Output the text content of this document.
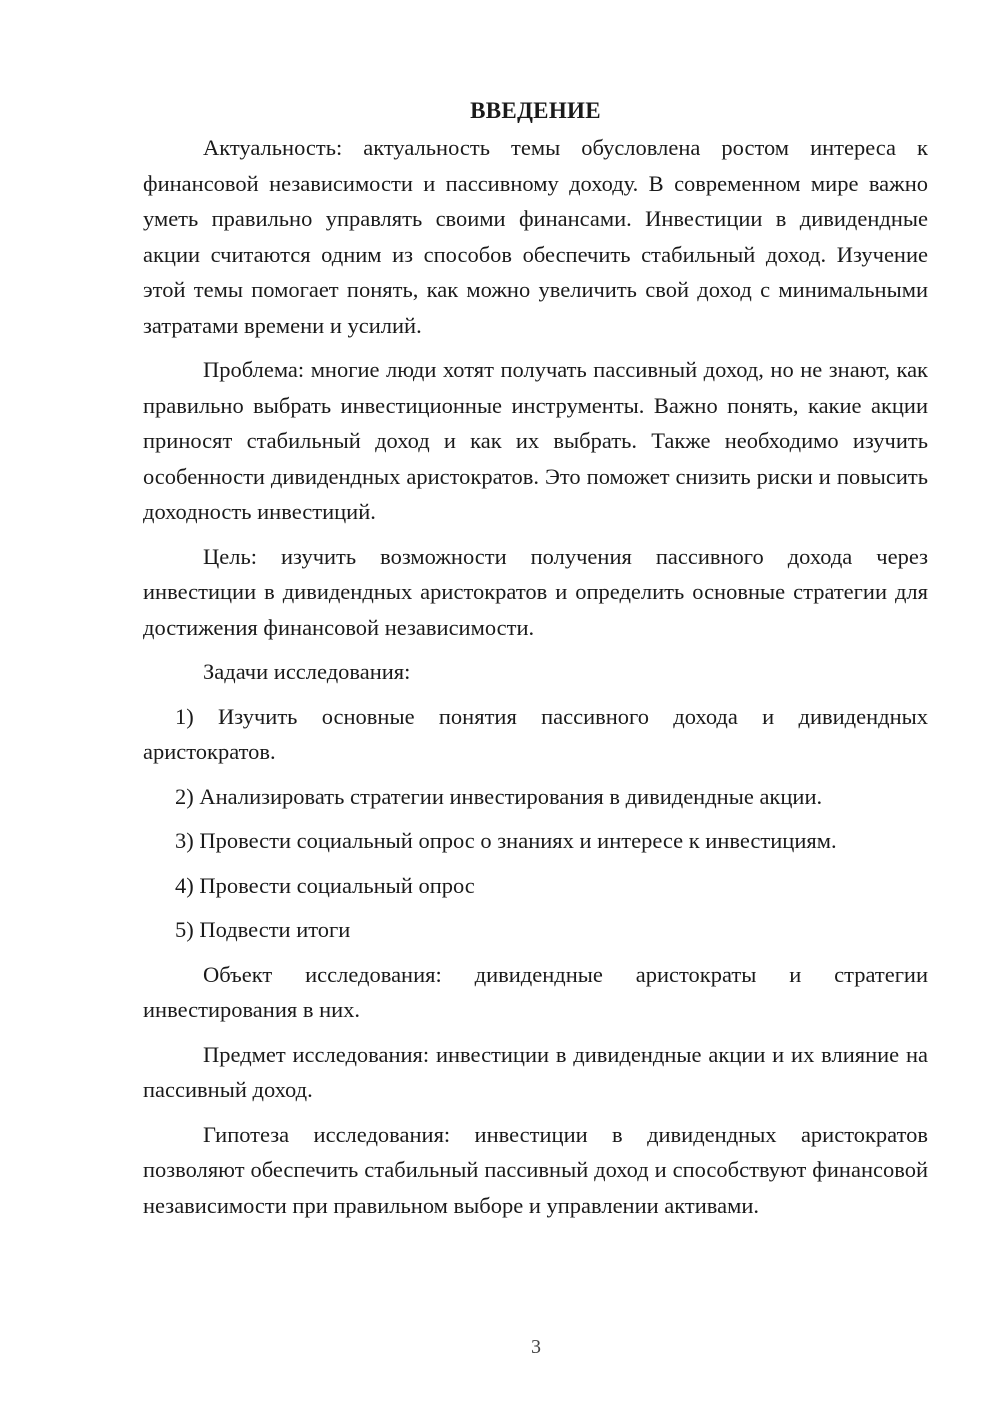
ВВЕДЕНИЕ

Актуальность: актуальность темы обусловлена ростом интереса к финансовой независимости и пассивному доходу. В современном мире важно уметь правильно управлять своими финансами. Инвестиции в дивидендные акции считаются одним из способов обеспечить стабильный доход. Изучение этой темы помогает понять, как можно увеличить свой доход с минимальными затратами времени и усилий.

Проблема: многие люди хотят получать пассивный доход, но не знают, как правильно выбрать инвестиционные инструменты. Важно понять, какие акции приносят стабильный доход и как их выбрать. Также необходимо изучить особенности дивидендных аристократов. Это поможет снизить риски и повысить доходность инвестиций.

Цель: изучить возможности получения пассивного дохода через инвестиции в дивидендных аристократов и определить основные стратегии для достижения финансовой независимости.

Задачи исследования:

1) Изучить основные понятия пассивного дохода и дивидендных аристократов.

2) Анализировать стратегии инвестирования в дивидендные акции.

3) Провести социальный опрос о знаниях и интересе к инвестициям.

4) Провести социальный опрос

5) Подвести итоги

Объект исследования: дивидендные аристократы и стратегии инвестирования в них.

Предмет исследования: инвестиции в дивидендные акции и их влияние на пассивный доход.

Гипотеза исследования: инвестиции в дивидендных аристократов позволяют обеспечить стабильный пассивный доход и способствуют финансовой независимости при правильном выборе и управлении активами.

3
